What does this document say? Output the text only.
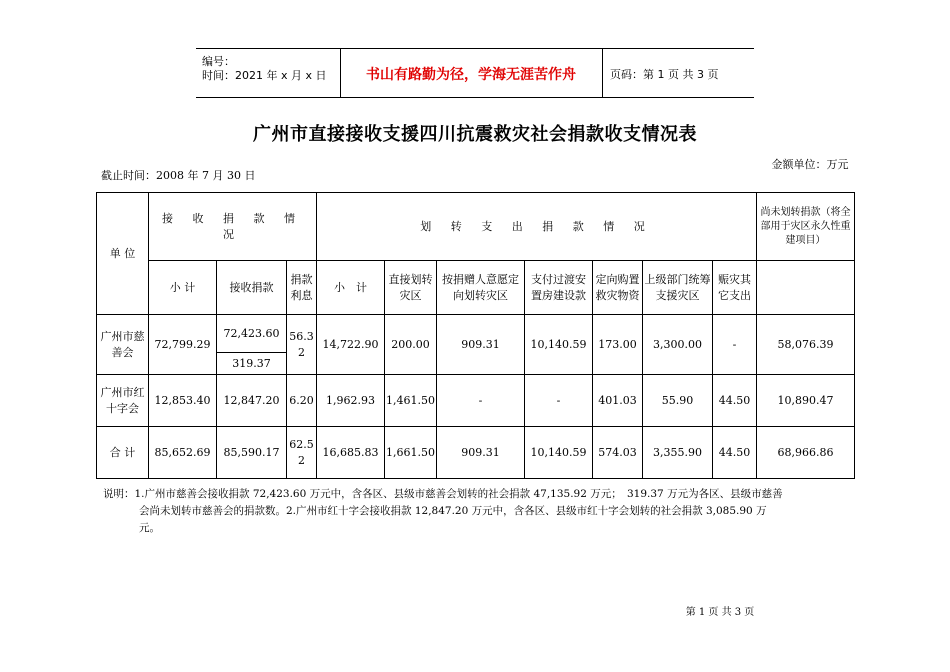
编号：
时间：2021 年 x 月 x 日	书山有路勤为径，学海无涯苦作舟	页码：第 1 页 共 3 页
广州市直接接收支援四川抗震救灾社会捐款收支情况表
截止时间：2008 年 7 月 30 日
金额单位：万元
单 位	接 收 捐 款 情 况			划 转 支 出 捐 款 情 况							尚未划转捐款（将全部用于灾区永久性重建项目）
	小 计	接收捐款	捐款利息	小　计	直接划转灾区	按捐赠人意愿定向划转灾区	支付过渡安置房建设款	定向购置救灾物资	上级部门统筹支援灾区	赈灾其它支出	
广州市慈善会	72,799.29	72,423.60	56.32	14,722.90	200.00	909.31	10,140.59	173.00	3,300.00	-	58,076.39
		319.37									
广州市红十字会	12,853.40	12,847.20	6.20	1,962.93	1,461.50	-	-	401.03	55.90	44.50	10,890.47
合 计	85,652.69	85,590.17	62.52	16,685.83	1,661.50	909.31	10,140.59	574.03	3,355.90	44.50	68,966.86
说明：1.广州市慈善会接收捐款 72,423.60 万元中，含各区、县级市慈善会划转的社会捐款 47,135.92 万元；　319.37 万元为各区、县级市慈善
会尚未划转市慈善会的捐款数。2.广州市红十字会接收捐款 12,847.20 万元中，含各区、县级市红十字会划转的社会捐款 3,085.90 万
元。
第 1 页 共 3 页
